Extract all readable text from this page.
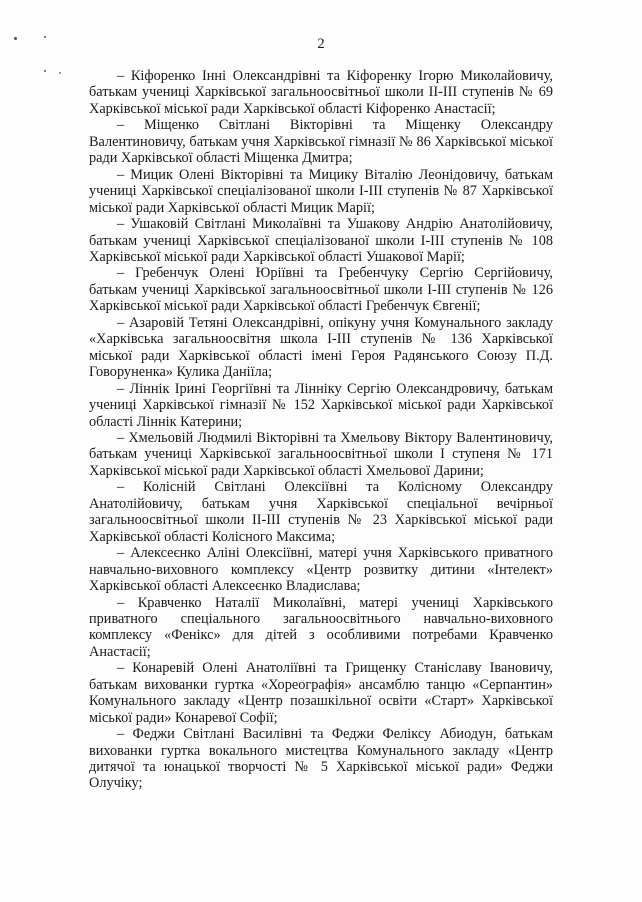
2

– Кіфоренко Інні Олександрівні та Кіфоренку Ігорю Миколайовичу, батькам учениці Харківської загальноосвітньої школи ІІ-ІІІ ступенів № 69 Харківської міської ради Харківської області Кіфоренко Анастасії;

– Міщенко Світлані Вікторівні та Міщенку Олександру Валентиновичу, батькам учня Харківської гімназії № 86 Харківської міської ради Харківської області Міщенка Дмитра;

– Мицик Олені Вікторівні та Мицику Віталію Леонідовичу, батькам учениці Харківської спеціалізованої школи І-ІІІ ступенів № 87 Харківської міської ради Харківської області Мицик Марії;

– Ушаковій Світлані Миколаївні та Ушакову Андрію Анатолійовичу, батькам учениці Харківської спеціалізованої школи І-ІІІ ступенів № 108 Харківської міської ради Харківської області Ушакової Марії;

– Гребенчук Олені Юріївні та Гребенчуку Сергію Сергійовичу, батькам учениці Харківської загальноосвітньої школи І-ІІІ ступенів № 126 Харківської міської ради Харківської області Гребенчук Євгенії;

– Азаровій Тетяні Олександрівні, опікуну учня Комунального закладу «Харківська загальноосвітня школа І-ІІІ ступенів № 136 Харківської міської ради Харківської області імені Героя Радянського Союзу П.Д. Говоруненка» Кулика Даніїла;

– Ліннік Ірині Георгіївні та Лінніку Сергію Олександровичу, батькам учениці Харківської гімназії № 152 Харківської міської ради Харківської області Ліннік Катерини;

– Хмельовій Людмилі Вікторівні та Хмельову Віктору Валентиновичу, батькам учениці Харківської загальноосвітньої школи І ступеня № 171 Харківської міської ради Харківської області Хмельової Дарини;

– Колісній Світлані Олексіївні та Колісному Олександру Анатолійовичу, батькам учня Харківської спеціальної вечірньої загальноосвітньої школи ІІ-ІІІ ступенів № 23 Харківської міської ради Харківської області Колісного Максима;

– Алексеєнко Аліні Олексіївні, матері учня Харківського приватного навчально-виховного комплексу «Центр розвитку дитини «Інтелект» Харківської області Алексеєнко Владислава;

– Кравченко Наталії Миколаївні, матері учениці Харківського приватного спеціального загальноосвітнього навчально-виховного комплексу «Фенікс» для дітей з особливими потребами Кравченко Анастасії;

– Конаревій Олені Анатоліївні та Грищенку Станіславу Івановичу, батькам вихованки гуртка «Хореографія» ансамблю танцю «Серпантин» Комунального закладу «Центр позашкільної освіти «Старт» Харківської міської ради» Конаревої Софії;

– Феджи Світлані Василівні та Феджи Феліксу Абиодун, батькам вихованки гуртка вокального мистецтва Комунального закладу «Центр дитячої та юнацької творчості № 5 Харківської міської ради» Феджи Олучіку;
